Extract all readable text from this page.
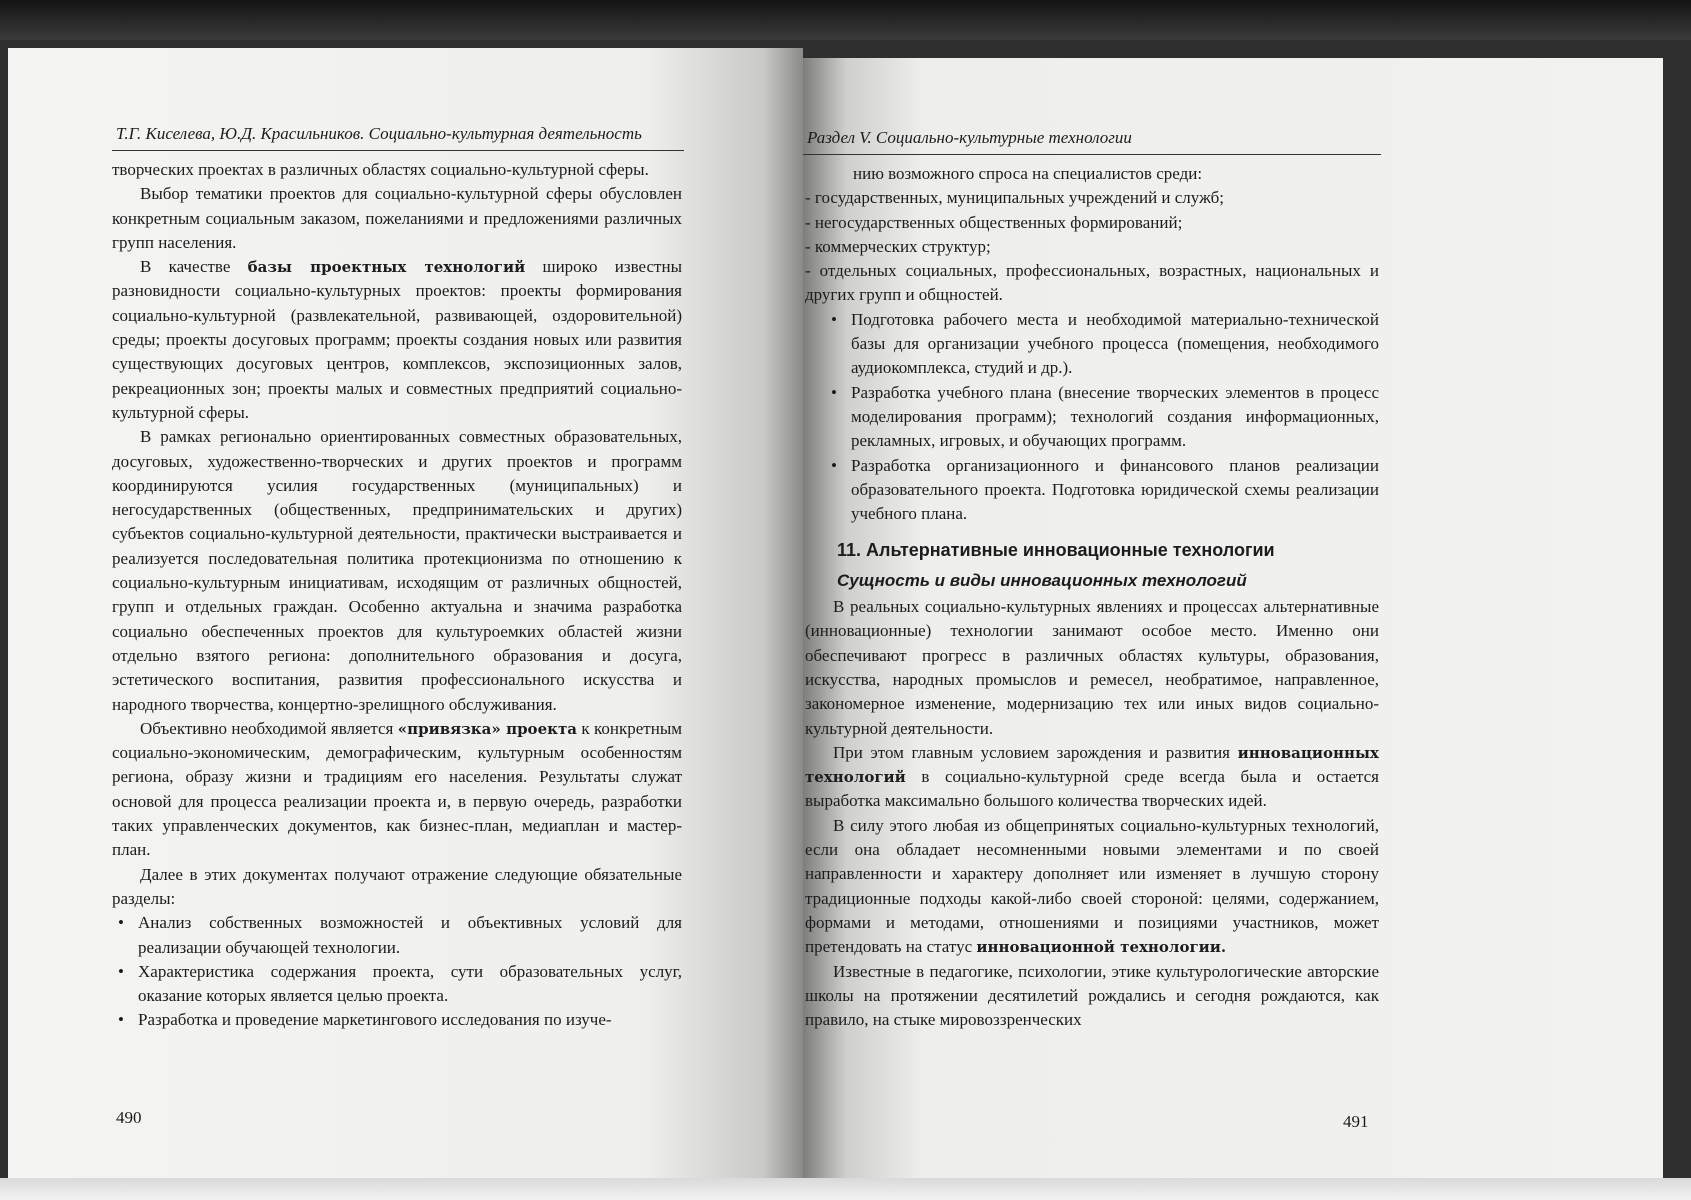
Т.Г. Киселева, Ю.Д. Красильников. Социально-культурная деятельность

творческих проектах в различных областях социально-культурной сферы.

Выбор тематики проектов для социально-культурной сферы обусловлен конкретным социальным заказом, пожеланиями и предложениями различных групп населения.

В качестве базы проектных технологий широко известны разновидности социально-культурных проектов: проекты формирования социально-культурной (развлекательной, развивающей, оздоровительной) среды; проекты досуговых программ; проекты создания новых или развития существующих досуговых центров, комплексов, экспозиционных залов, рекреационных зон; проекты малых и совместных предприятий социально-культурной сферы.

В рамках регионально ориентированных совместных образовательных, досуговых, художественно-творческих и других проектов и программ координируются усилия государственных (муниципальных) и негосударственных (общественных, предпринимательских и других) субъектов социально-культурной деятельности, практически выстраивается и реализуется последовательная политика протекционизма по отношению к социально-культурным инициативам, исходящим от различных общностей, групп и отдельных граждан. Особенно актуальна и значима разработка социально обеспеченных проектов для культуроемких областей жизни отдельно взятого региона: дополнительного образования и досуга, эстетического воспитания, развития профессионального искусства и народного творчества, концертно-зрелищного обслуживания.

Объективно необходимой является «привязка» проекта к конкретным социально-экономическим, демографическим, культурным особенностям региона, образу жизни и традициям его населения. Результаты служат основой для процесса реализации проекта и, в первую очередь, разработки таких управленческих документов, как бизнес-план, медиаплан и мастер-план.

Далее в этих документах получают отражение следующие обязательные разделы:

• Анализ собственных возможностей и объективных условий для реализации обучающей технологии.
• Характеристика содержания проекта, сути образовательных услуг, оказание которых является целью проекта.
• Разработка и проведение маркетингового исследования по изуче-
490
Раздел V. Социально-культурные технологии

нию возможного спроса на специалистов среди:

- государственных, муниципальных учреждений и служб;
- негосударственных общественных формирований;
- коммерческих структур;
- отдельных социальных, профессиональных, возрастных, национальных и других групп и общностей.
• Подготовка рабочего места и необходимой материально-технической базы для организации учебного процесса (помещения, необходимого аудиокомплекса, студий и др.).
• Разработка учебного плана (внесение творческих элементов в процесс моделирования программ); технологий создания информационных, рекламных, игровых, и обучающих программ.
• Разработка организационного и финансового планов реализации образовательного проекта. Подготовка юридической схемы реализации учебного плана.
11. Альтернативные инновационные технологии
Сущность и виды инновационных технологий

В реальных социально-культурных явлениях и процессах альтернативные (инновационные) технологии занимают особое место. Именно они обеспечивают прогресс в различных областях культуры, образования, искусства, народных промыслов и ремесел, необратимое, направленное, закономерное изменение, модернизацию тех или иных видов социально-культурной деятельности.

При этом главным условием зарождения и развития инновационных технологий в социально-культурной среде всегда была и остается выработка максимально большого количества творческих идей.

В силу этого любая из общепринятых социально-культурных технологий, если она обладает несомненными новыми элементами и по своей направленности и характеру дополняет или изменяет в лучшую сторону традиционные подходы какой-либо своей стороной: целями, содержанием, формами и методами, отношениями и позициями участников, может претендовать на статус инновационной технологии.

Известные в педагогике, психологии, этике культурологические авторские школы на протяжении десятилетий рождались и сегодня рождаются, как правило, на стыке мировоззренческих

491
